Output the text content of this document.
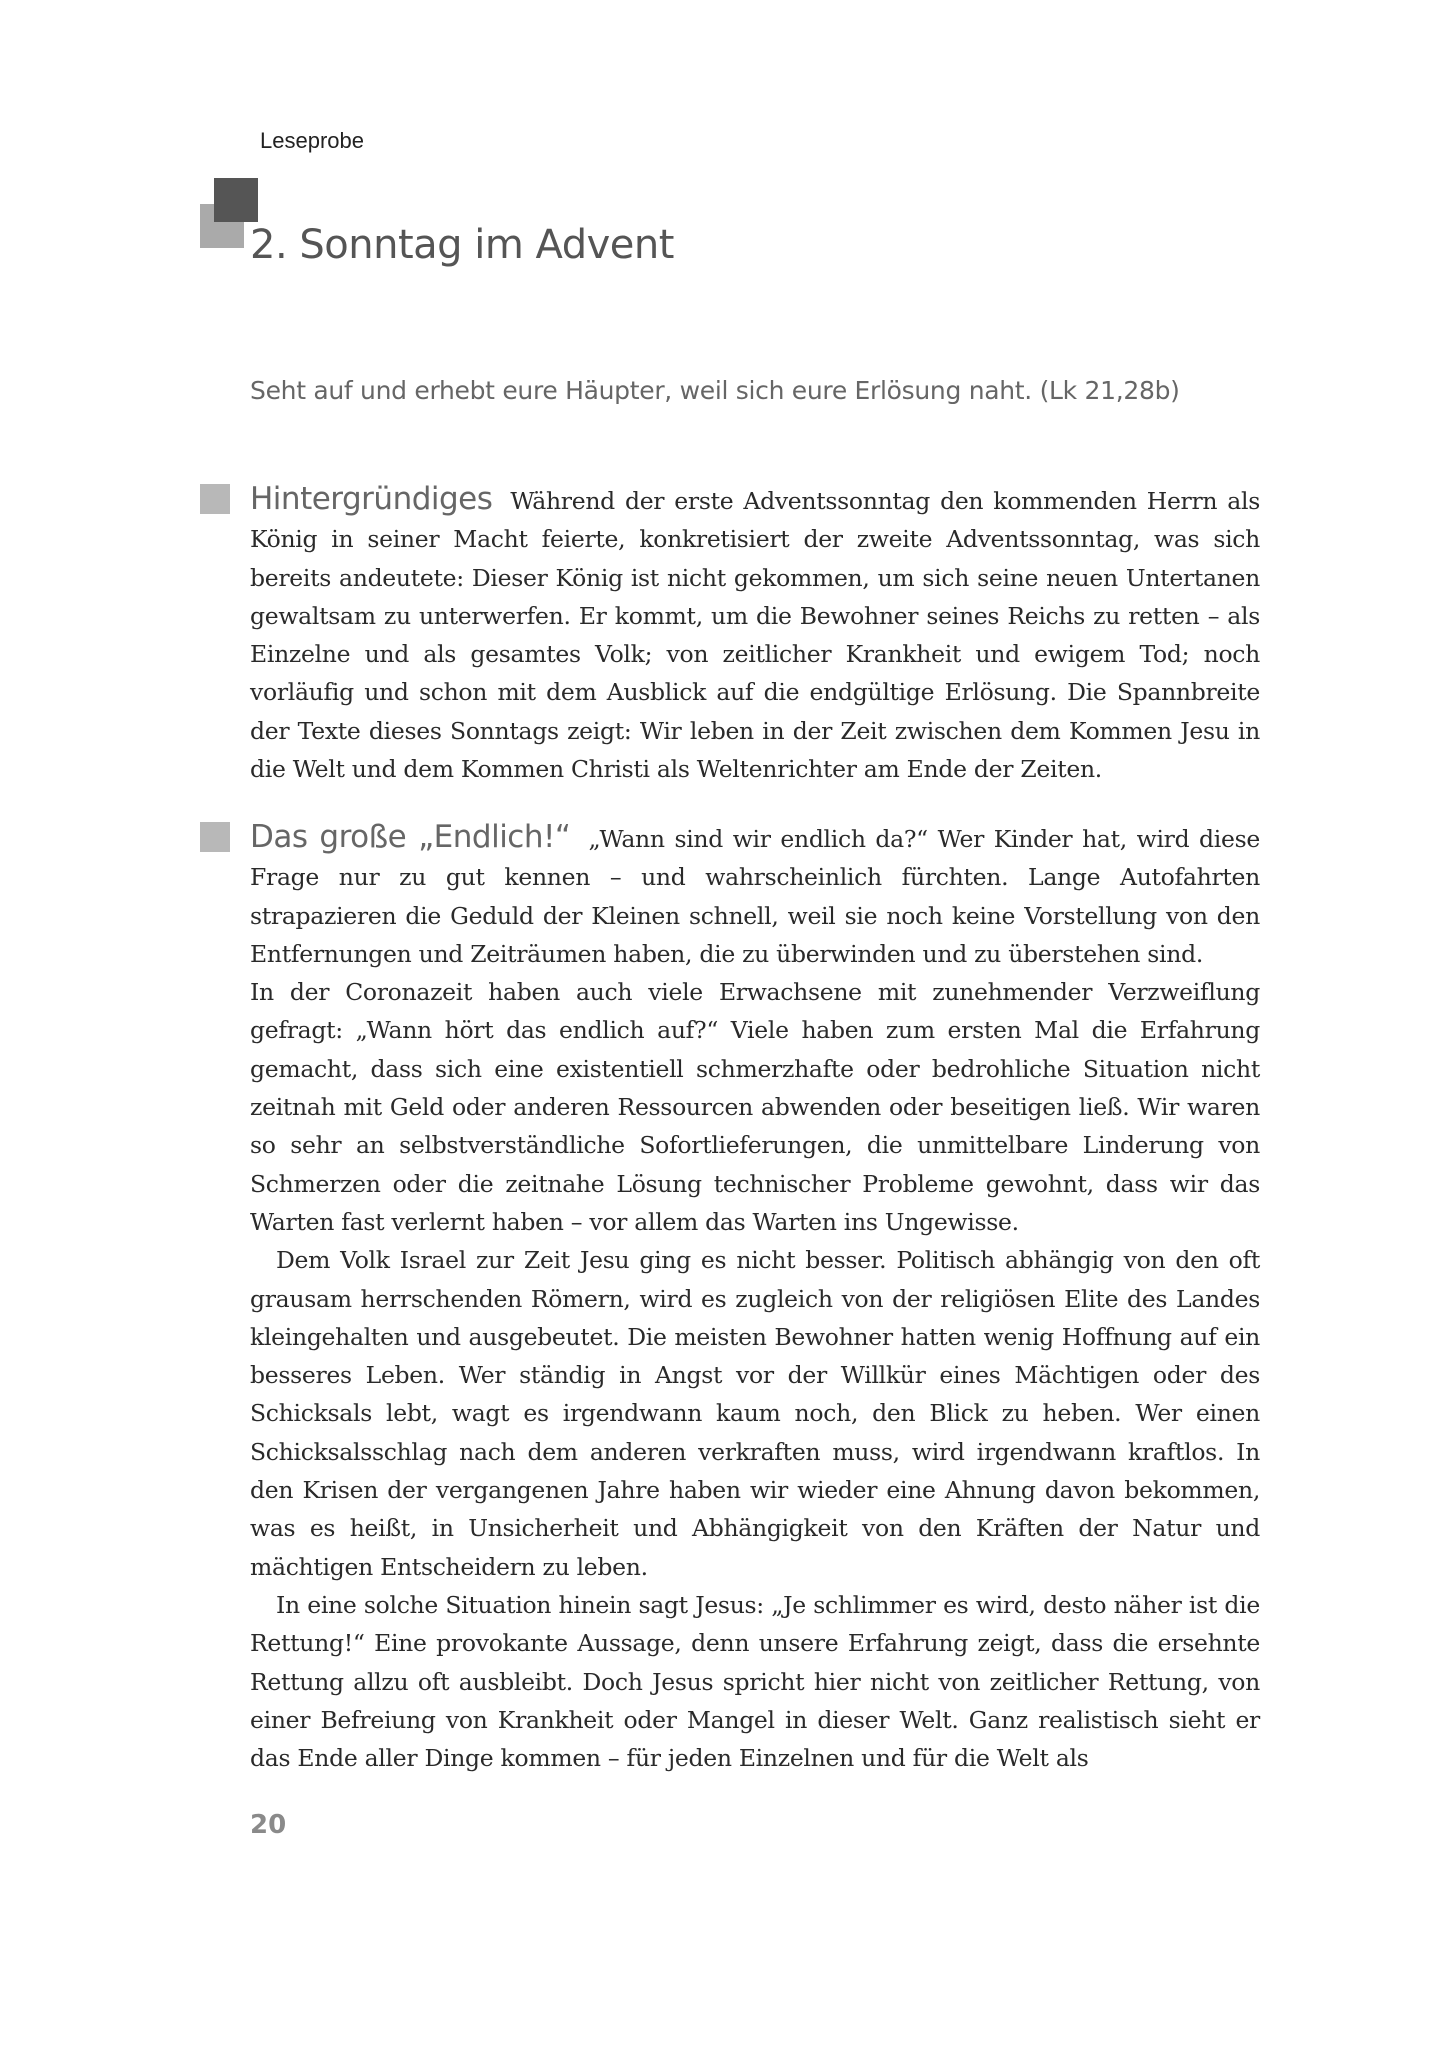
Leseprobe
2. Sonntag im Advent
Seht auf und erhebt eure Häupter, weil sich eure Erlösung naht. (Lk 21,28b)

Hintergründiges Während der erste Adventssonntag den kommenden Herrn als König in seiner Macht feierte, konkretisiert der zweite Adventssonntag, was sich bereits andeutete: Dieser König ist nicht gekommen, um sich seine neuen Untertanen gewaltsam zu unterwerfen. Er kommt, um die Bewohner seines Reichs zu retten – als Einzelne und als gesamtes Volk; von zeitlicher Krankheit und ewigem Tod; noch vorläufig und schon mit dem Ausblick auf die endgültige Erlösung. Die Spannbreite der Texte dieses Sonntags zeigt: Wir leben in der Zeit zwischen dem Kommen Jesu in die Welt und dem Kommen Christi als Weltenrichter am Ende der Zeiten.

Das große „Endlich!“ „Wann sind wir endlich da?“ Wer Kinder hat, wird diese Frage nur zu gut kennen – und wahrscheinlich fürchten. Lange Autofahrten strapazieren die Geduld der Kleinen schnell, weil sie noch keine Vorstellung von den Entfernungen und Zeiträumen haben, die zu überwinden und zu überstehen sind.

In der Coronazeit haben auch viele Erwachsene mit zunehmender Verzweiflung gefragt: „Wann hört das endlich auf?“ Viele haben zum ersten Mal die Erfahrung gemacht, dass sich eine existentiell schmerzhafte oder bedrohliche Situation nicht zeitnah mit Geld oder anderen Ressourcen abwenden oder beseitigen ließ. Wir waren so sehr an selbstverständliche Sofortlieferungen, die unmittelbare Linderung von Schmerzen oder die zeitnahe Lösung technischer Probleme gewohnt, dass wir das Warten fast verlernt haben – vor allem das Warten ins Ungewisse.

Dem Volk Israel zur Zeit Jesu ging es nicht besser. Politisch abhängig von den oft grausam herrschenden Römern, wird es zugleich von der religiösen Elite des Landes kleingehalten und ausgebeutet. Die meisten Bewohner hatten wenig Hoffnung auf ein besseres Leben. Wer ständig in Angst vor der Willkür eines Mächtigen oder des Schicksals lebt, wagt es irgendwann kaum noch, den Blick zu heben. Wer einen Schicksalsschlag nach dem anderen verkraften muss, wird irgendwann kraftlos. In den Krisen der vergangenen Jahre haben wir wieder eine Ahnung davon bekommen, was es heißt, in Unsicherheit und Abhängigkeit von den Kräften der Natur und mächtigen Entscheidern zu leben.

In eine solche Situation hinein sagt Jesus: „Je schlimmer es wird, desto näher ist die Rettung!“ Eine provokante Aussage, denn unsere Erfahrung zeigt, dass die ersehnte Rettung allzu oft ausbleibt. Doch Jesus spricht hier nicht von zeitlicher Rettung, von einer Befreiung von Krankheit oder Mangel in dieser Welt. Ganz realistisch sieht er das Ende aller Dinge kommen – für jeden Einzelnen und für die Welt als

20
